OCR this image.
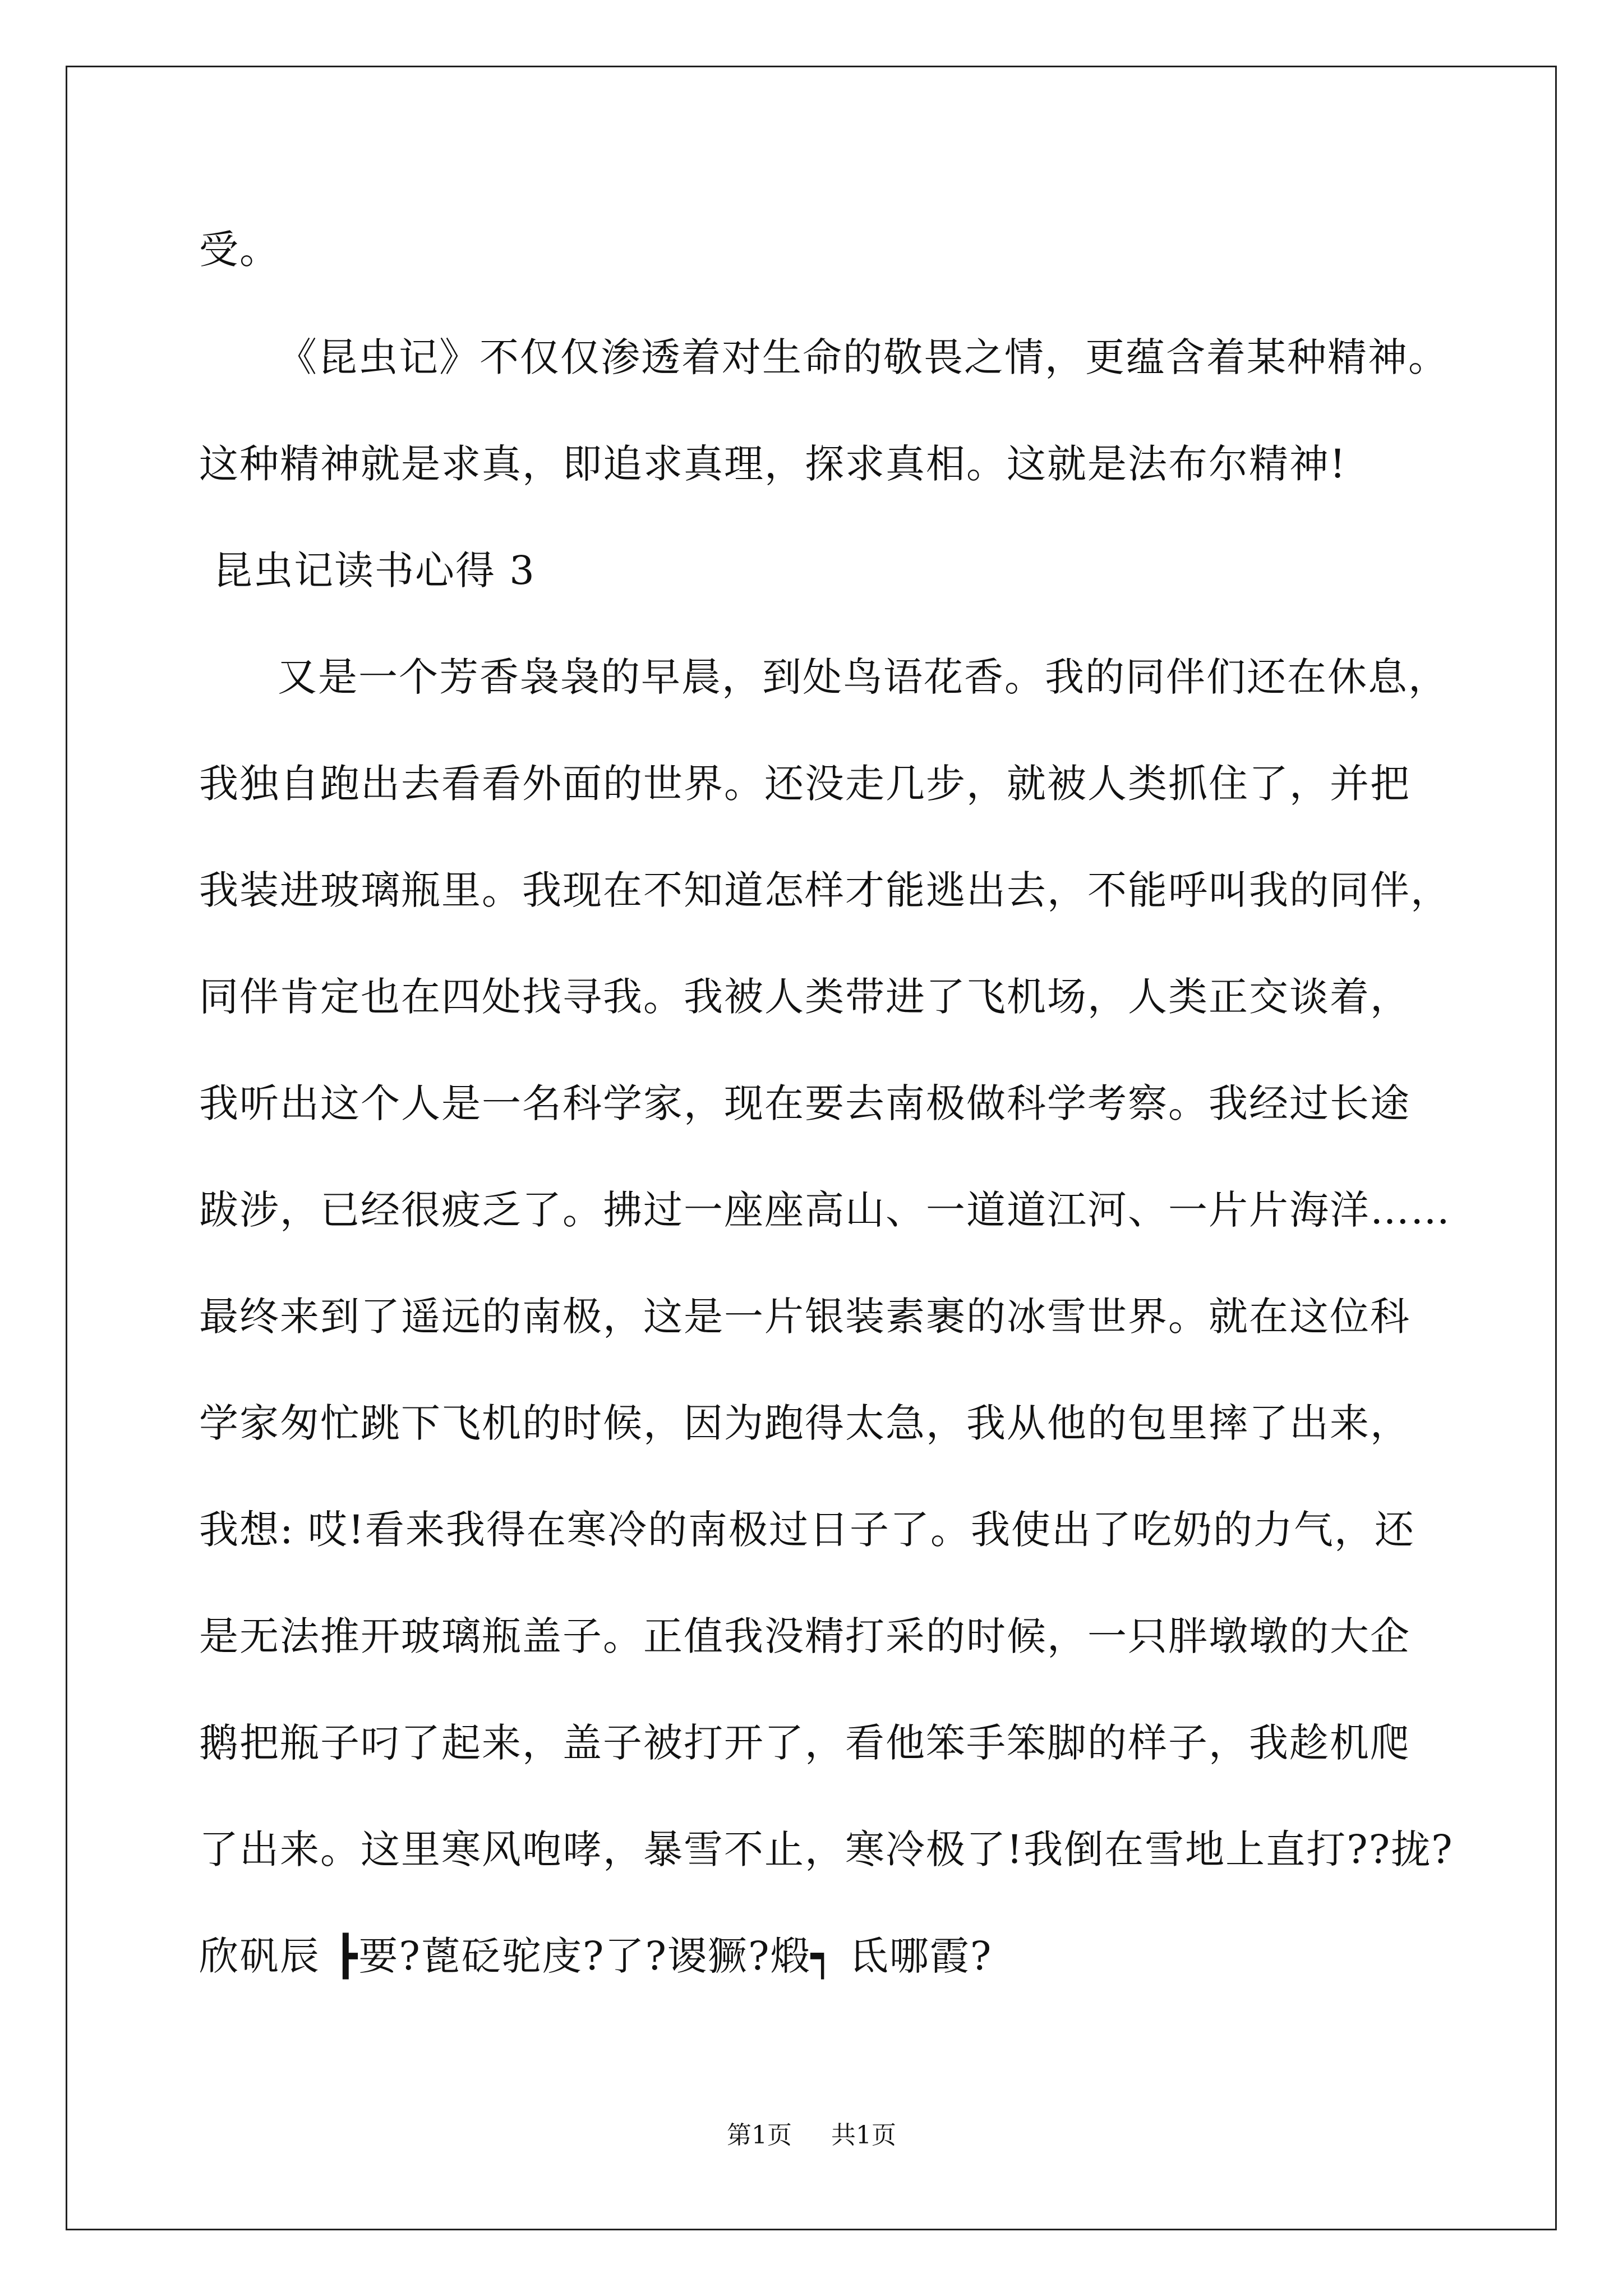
受。
《昆虫记》不仅仅渗透着对生命的敬畏之情，更蕴含着某种精神。
这种精神就是求真，即追求真理，探求真相。这就是法布尔精神!
昆虫记读书心得 3
又是一个芳香袅袅的早晨，到处鸟语花香。我的同伴们还在休息，
我独自跑出去看看外面的世界。还没走几步，就被人类抓住了，并把
我装进玻璃瓶里。我现在不知道怎样才能逃出去，不能呼叫我的同伴，
同伴肯定也在四处找寻我。我被人类带进了飞机场，人类正交谈着，
我听出这个人是一名科学家，现在要去南极做科学考察。我经过长途
跋涉，已经很疲乏了。拂过一座座高山、一道道江河、一片片海洋……
最终来到了遥远的南极，这是一片银装素裹的冰雪世界。就在这位科
学家匆忙跳下飞机的时候，因为跑得太急，我从他的包里摔了出来，
我想: 哎!看来我得在寒冷的南极过日子了。我使出了吃奶的力气，还
是无法推开玻璃瓶盖子。正值我没精打采的时候，一只胖墩墩的大企
鹅把瓶子叼了起来，盖子被打开了，看他笨手笨脚的样子，我趁机爬
了出来。这里寒风咆哮，暴雪不止，寒冷极了!我倒在雪地上直打??拢?
欣矾辰 ┣要?蓖砭驼庋?了?谡獗?煅┑ 氐哪霞?
第1页 共1页
